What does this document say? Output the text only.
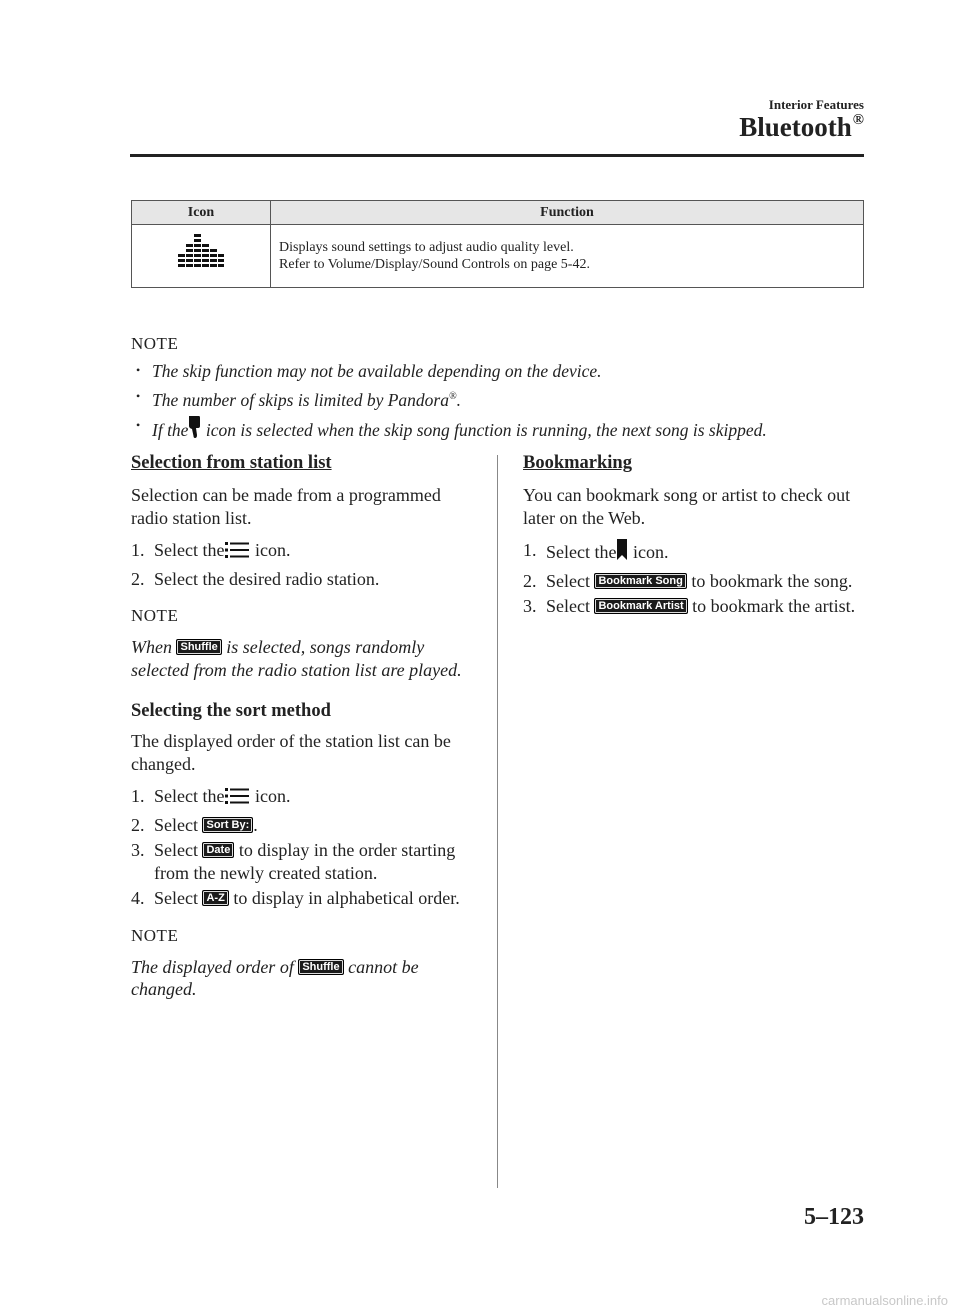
Interior Features
Bluetooth®
Icon	Function

Displays sound settings to adjust audio quality level.
Refer to Volume/Display/Sound Controls on page 5-42.
NOTE
• The skip function may not be available depending on the device.
• The number of skips is limited by Pandora®.
• If the icon is selected when the skip song function is running, the next song is skipped.
Selection from station list

Selection can be made from a programmed radio station list.

1. Select the icon.
2. Select the desired radio station.
NOTE

When Shuffle is selected, songs randomly selected from the radio station list are played.

Selecting the sort method

The displayed order of the station list can be changed.

1. Select the icon.
2. Select Sort By: .
3. Select Date to display in the order starting from the newly created station.
4. Select A-Z to display in alphabetical order.
NOTE

The displayed order of Shuffle cannot be changed.

Bookmarking

You can bookmark song or artist to check out later on the Web.

1. Select the icon.
2. Select Bookmark Song to bookmark the song.
3. Select Bookmark Artist to bookmark the artist.
5–123
carmanualsonline.info
